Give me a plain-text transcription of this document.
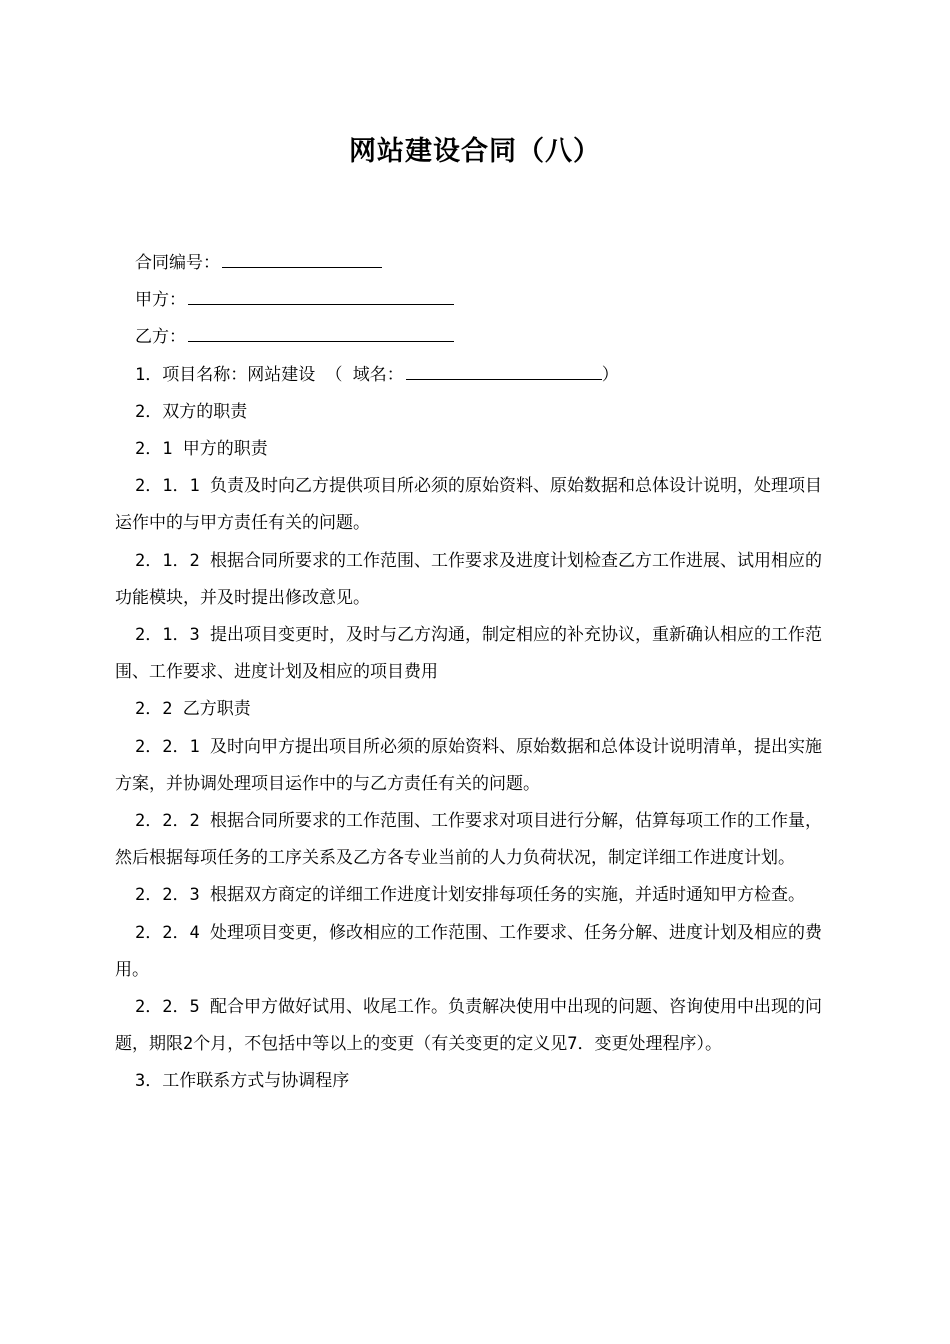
网站建设合同（八）

合同编号：

甲方：

乙方：

1．项目名称：网站建设 （ 域名：	）

2．双方的职责

2．1 甲方的职责

2．1．1 负责及时向乙方提供项目所必须的原始资料、原始数据和总体设计说明，处理项目运作中的与甲方责任有关的问题。

2．1．2 根据合同所要求的工作范围、工作要求及进度计划检查乙方工作进展、试用相应的功能模块，并及时提出修改意见。

2．1．3 提出项目变更时，及时与乙方沟通，制定相应的补充协议，重新确认相应的工作范围、工作要求、进度计划及相应的项目费用

2．2 乙方职责

2．2．1 及时向甲方提出项目所必须的原始资料、原始数据和总体设计说明清单，提出实施方案，并协调处理项目运作中的与乙方责任有关的问题。

2．2．2 根据合同所要求的工作范围、工作要求对项目进行分解，估算每项工作的工作量，然后根据每项任务的工序关系及乙方各专业当前的人力负荷状况，制定详细工作进度计划。

2．2．3 根据双方商定的详细工作进度计划安排每项任务的实施，并适时通知甲方检查。

2．2．4 处理项目变更，修改相应的工作范围、工作要求、任务分解、进度计划及相应的费用。

2．2．5 配合甲方做好试用、收尾工作。负责解决使用中出现的问题、咨询使用中出现的问题，期限2个月，不包括中等以上的变更（有关变更的定义见7．变更处理程序）。

3．工作联系方式与协调程序
